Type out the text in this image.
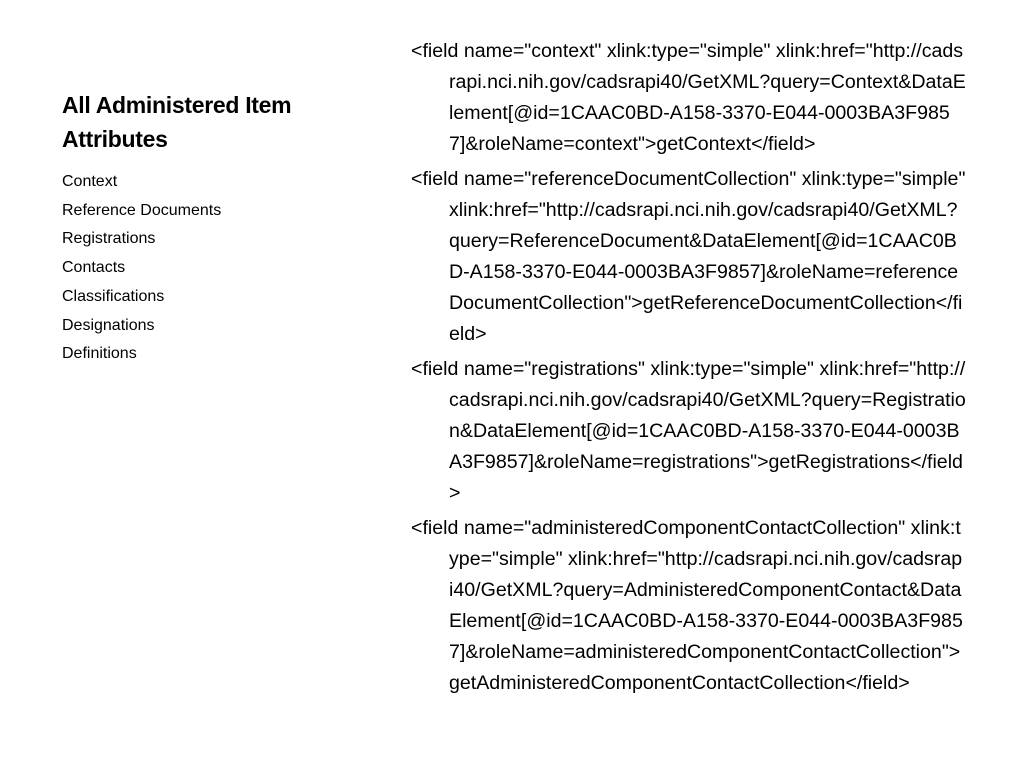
All Administered Item Attributes
Context
Reference Documents
Registrations
Contacts
Classifications
Designations
Definitions

<field name="context" xlink:type="simple" xlink:href="http://cadsrapi.nci.nih.gov/cadsrapi40/GetXML?query=Context&DataElement[@id=1CAAC0BD-A158-3370-E044-0003BA3F9857]&roleName=context">getContext</field>

<field name="referenceDocumentCollection" xlink:type="simple" xlink:href="http://cadsrapi.nci.nih.gov/cadsrapi40/GetXML?query=ReferenceDocument&DataElement[@id=1CAAC0BD-A158-3370-E044-0003BA3F9857]&roleName=referenceDocumentCollection">getReferenceDocumentCollection</field>

<field name="registrations" xlink:type="simple" xlink:href="http://cadsrapi.nci.nih.gov/cadsrapi40/GetXML?query=Registration&DataElement[@id=1CAAC0BD-A158-3370-E044-0003BA3F9857]&roleName=registrations">getRegistrations</field>

<field name="administeredComponentContactCollection" xlink:type="simple" xlink:href="http://cadsrapi.nci.nih.gov/cadsrapi40/GetXML?query=AdministeredComponentContact&DataElement[@id=1CAAC0BD-A158-3370-E044-0003BA3F9857]&roleName=administeredComponentContactCollection">getAdministeredComponentContactCollection</field>
